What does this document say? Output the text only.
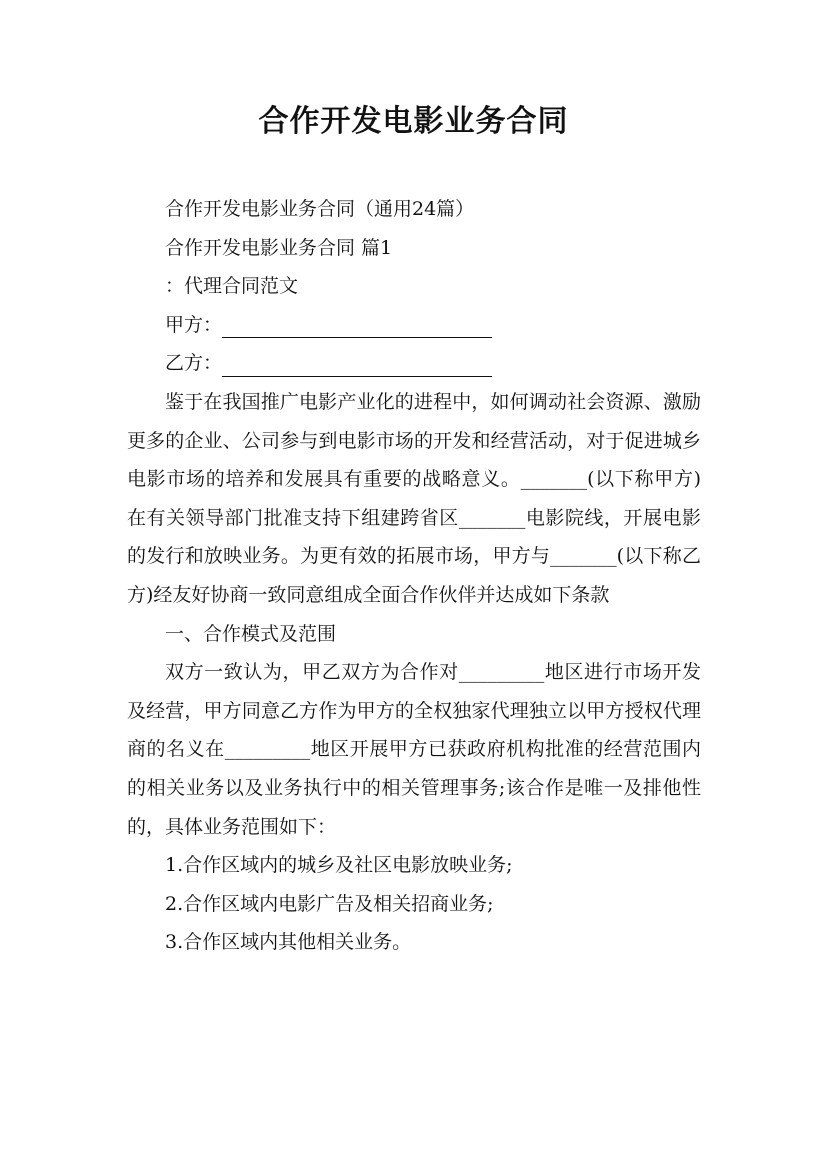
合作开发电影业务合同
合作开发电影业务合同（通用24篇）
合作开发电影业务合同 篇1
：代理合同范文
甲方：
乙方：

鉴于在我国推广电影产业化的进程中，如何调动社会资源、激励更多的企业、公司参与到电影市场的开发和经营活动，对于促进城乡电影市场的培养和发展具有重要的战略意义。_______(以下称甲方)在有关领导部门批准支持下组建跨省区_______电影院线，开展电影的发行和放映业务。为更有效的拓展市场，甲方与_______(以下称乙方)经友好协商一致同意组成全面合作伙伴并达成如下条款

一、合作模式及范围

双方一致认为，甲乙双方为合作对_________地区进行市场开发及经营，甲方同意乙方作为甲方的全权独家代理独立以甲方授权代理商的名义在_________地区开展甲方已获政府机构批准的经营范围内的相关业务以及业务执行中的相关管理事务;该合作是唯一及排他性的，具体业务范围如下：

1.合作区域内的城乡及社区电影放映业务;
2.合作区域内电影广告及相关招商业务;
3.合作区域内其他相关业务。
